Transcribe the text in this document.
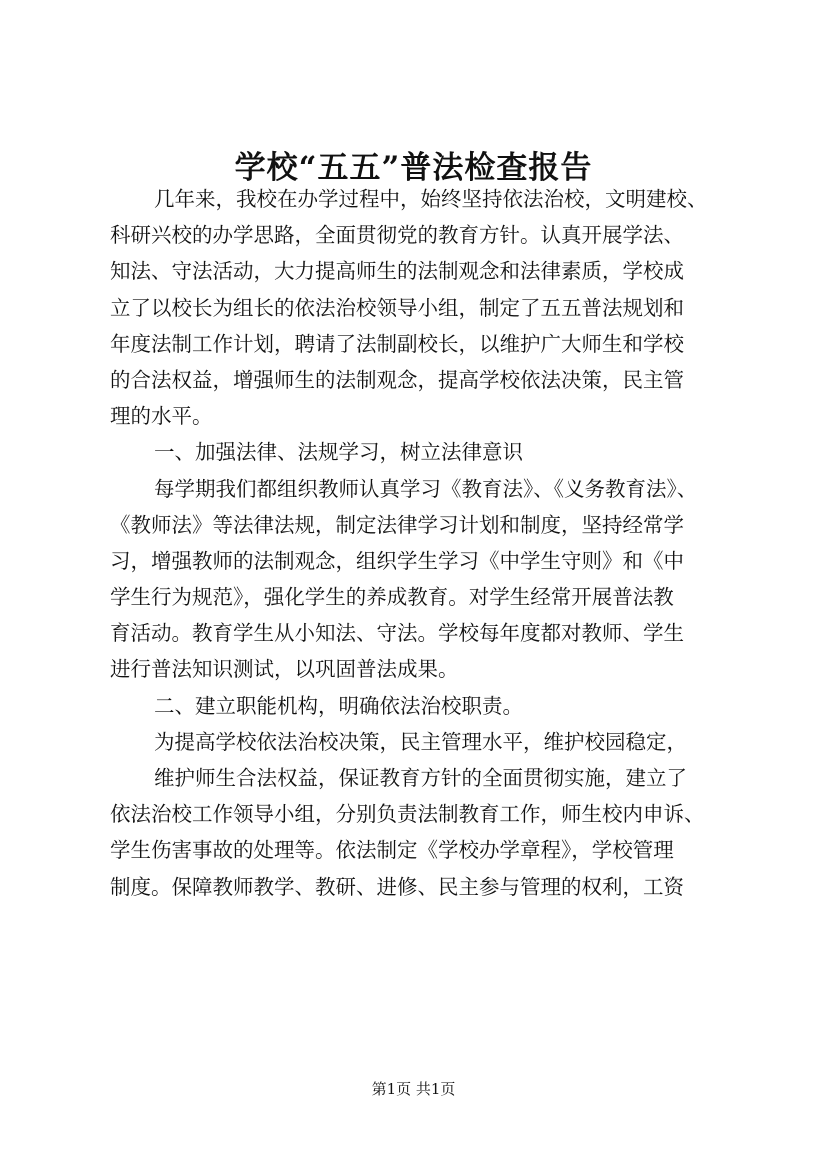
学校“五五”普法检查报告

几年来，我校在办学过程中，始终坚持依法治校，文明建校、

科研兴校的办学思路，全面贯彻党的教育方针。认真开展学法、

知法、守法活动，大力提高师生的法制观念和法律素质，学校成

立了以校长为组长的依法治校领导小组，制定了五五普法规划和

年度法制工作计划，聘请了法制副校长，以维护广大师生和学校

的合法权益，增强师生的法制观念，提高学校依法决策，民主管

理的水平。

一、加强法律、法规学习，树立法律意识

每学期我们都组织教师认真学习《教育法》、《义务教育法》、

《教师法》等法律法规，制定法律学习计划和制度，坚持经常学

习，增强教师的法制观念，组织学生学习《中学生守则》和《中

学生行为规范》，强化学生的养成教育。对学生经常开展普法教

育活动。教育学生从小知法、守法。学校每年度都对教师、学生

进行普法知识测试，以巩固普法成果。

二、建立职能机构，明确依法治校职责。

为提高学校依法治校决策，民主管理水平，维护校园稳定，

维护师生合法权益，保证教育方针的全面贯彻实施，建立了

依法治校工作领导小组，分别负责法制教育工作，师生校内申诉、

学生伤害事故的处理等。依法制定《学校办学章程》，学校管理

制度。保障教师教学、教研、进修、民主参与管理的权利，工资

第1页 共1页
